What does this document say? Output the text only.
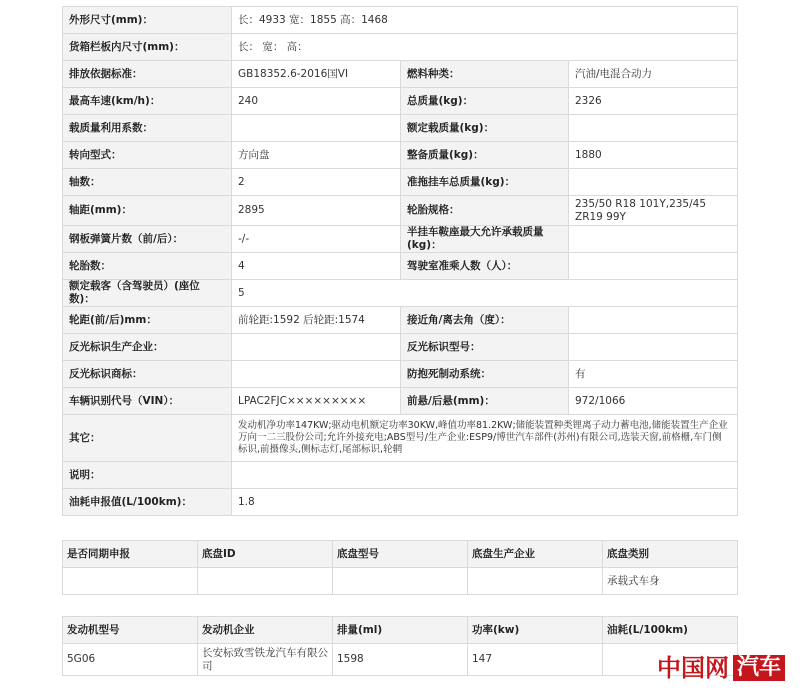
外形尺寸(mm)：	长：4933 宽：1855 高：1468		
货箱栏板内尺寸(mm)：	长： 宽： 高：		
排放依据标准：	GB18352.6-2016国VI	燃料种类：	汽油/电混合动力
最高车速(km/h)：	240	总质量(kg)：	2326
载质量利用系数：		额定载质量(kg)：	
转向型式：	方向盘	整备质量(kg)：	1880
轴数：	2	准拖挂车总质量(kg)：	
轴距(mm)：	2895	轮胎规格：	235/50 R18 101Y,235/45 ZR19 99Y
钢板弹簧片数（前/后）：	-/-	半挂车鞍座最大允许承载质量(kg)：	
轮胎数：	4	驾驶室准乘人数（人）：	
额定载客（含驾驶员）(座位数)：	5		
轮距(前/后)mm：	前轮距:1592 后轮距:1574	接近角/离去角（度）：	
反光标识生产企业：		反光标识型号：	
反光标识商标：		防抱死制动系统：	有
车辆识别代号（VIN）：	LPAC2FJC×××××××××	前悬/后悬(mm)：	972/1066
其它：	发动机净功率147KW;驱动电机额定功率30KW,峰值功率81.2KW;储能装置种类锂离子动力蓄电池,储能装置生产企业万向一二三股份公司;允许外接充电;ABS型号/生产企业:ESP9/博世汽车部件(苏州)有限公司,选装天窗,前格栅,车门侧标识,前摄像头,侧标志灯,尾部标识,轮辋		
说明：			
油耗申报值(L/100km)：	1.8		
是否同期申报	底盘ID	底盘型号	底盘生产企业	底盘类别
				承载式车身
发动机型号	发动机企业	排量(ml)	功率(kw)	油耗(L/100km)
5G06	长安标致雪铁龙汽车有限公司	1598	147		中国网 汽车
